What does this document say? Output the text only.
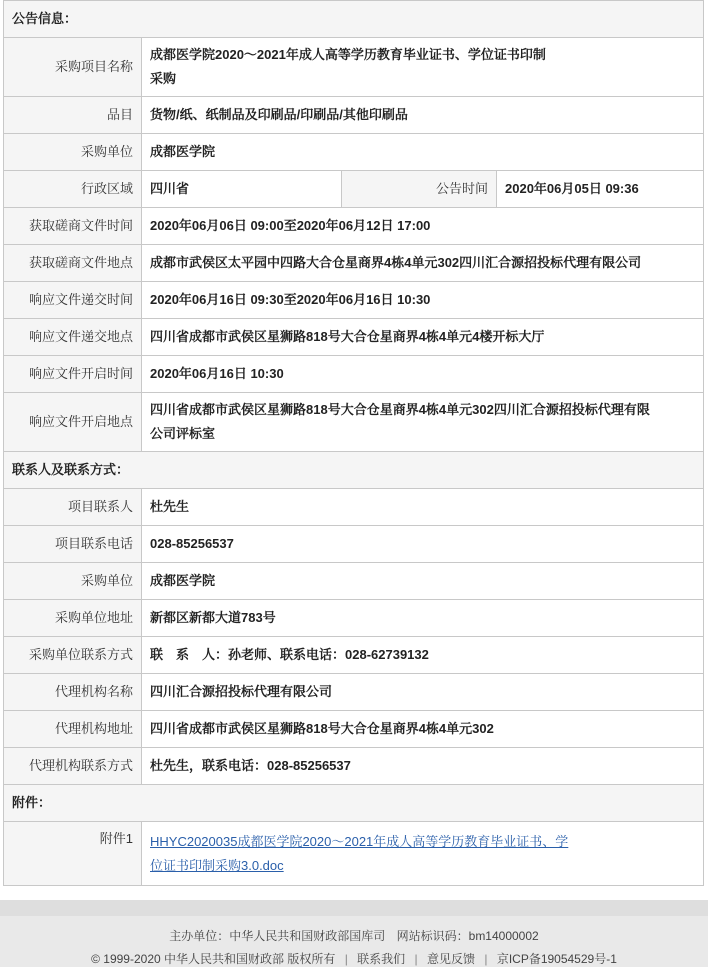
公告信息：			
采购项目名称	成都医学院2020～2021年成人高等学历教育毕业证书、学位证书印制
采购		
品目	货物/纸、纸制品及印刷品/印刷品/其他印刷品		
采购单位	成都医学院		
行政区域	四川省	公告时间	2020年06月05日 09:36
获取磋商文件时间	2020年06月06日 09:00至2020年06月12日 17:00		
获取磋商文件地点	成都市武侯区太平园中四路大合仓星商界4栋4单元302四川汇合源招投标代理有限公司		
响应文件递交时间	2020年06月16日 09:30至2020年06月16日 10:30		
响应文件递交地点	四川省成都市武侯区星狮路818号大合仓星商界4栋4单元4楼开标大厅		
响应文件开启时间	2020年06月16日 10:30		
响应文件开启地点	四川省成都市武侯区星狮路818号大合仓星商界4栋4单元302四川汇合源招投标代理有限
公司评标室		
联系人及联系方式：			
项目联系人	杜先生		
项目联系电话	028-85256537		
采购单位	成都医学院		
采购单位地址	新都区新都大道783号		
采购单位联系方式	联　系　人：孙老师、联系电话：028-62739132		
代理机构名称	四川汇合源招投标代理有限公司		
代理机构地址	四川省成都市武侯区星狮路818号大合仓星商界4栋4单元302		
代理机构联系方式	杜先生，联系电话：028-85256537		
附件：			
附件1	HHYC2020035成都医学院2020～2021年成人高等学历教育毕业证书、学
位证书印制采购3.0.doc		
主办单位：中华人民共和国财政部国库司 网站标识码：bm14000002
© 1999-2020 中华人民共和国财政部 版权所有 | 联系我们 | 意见反馈 | 京ICP备19054529号-1
